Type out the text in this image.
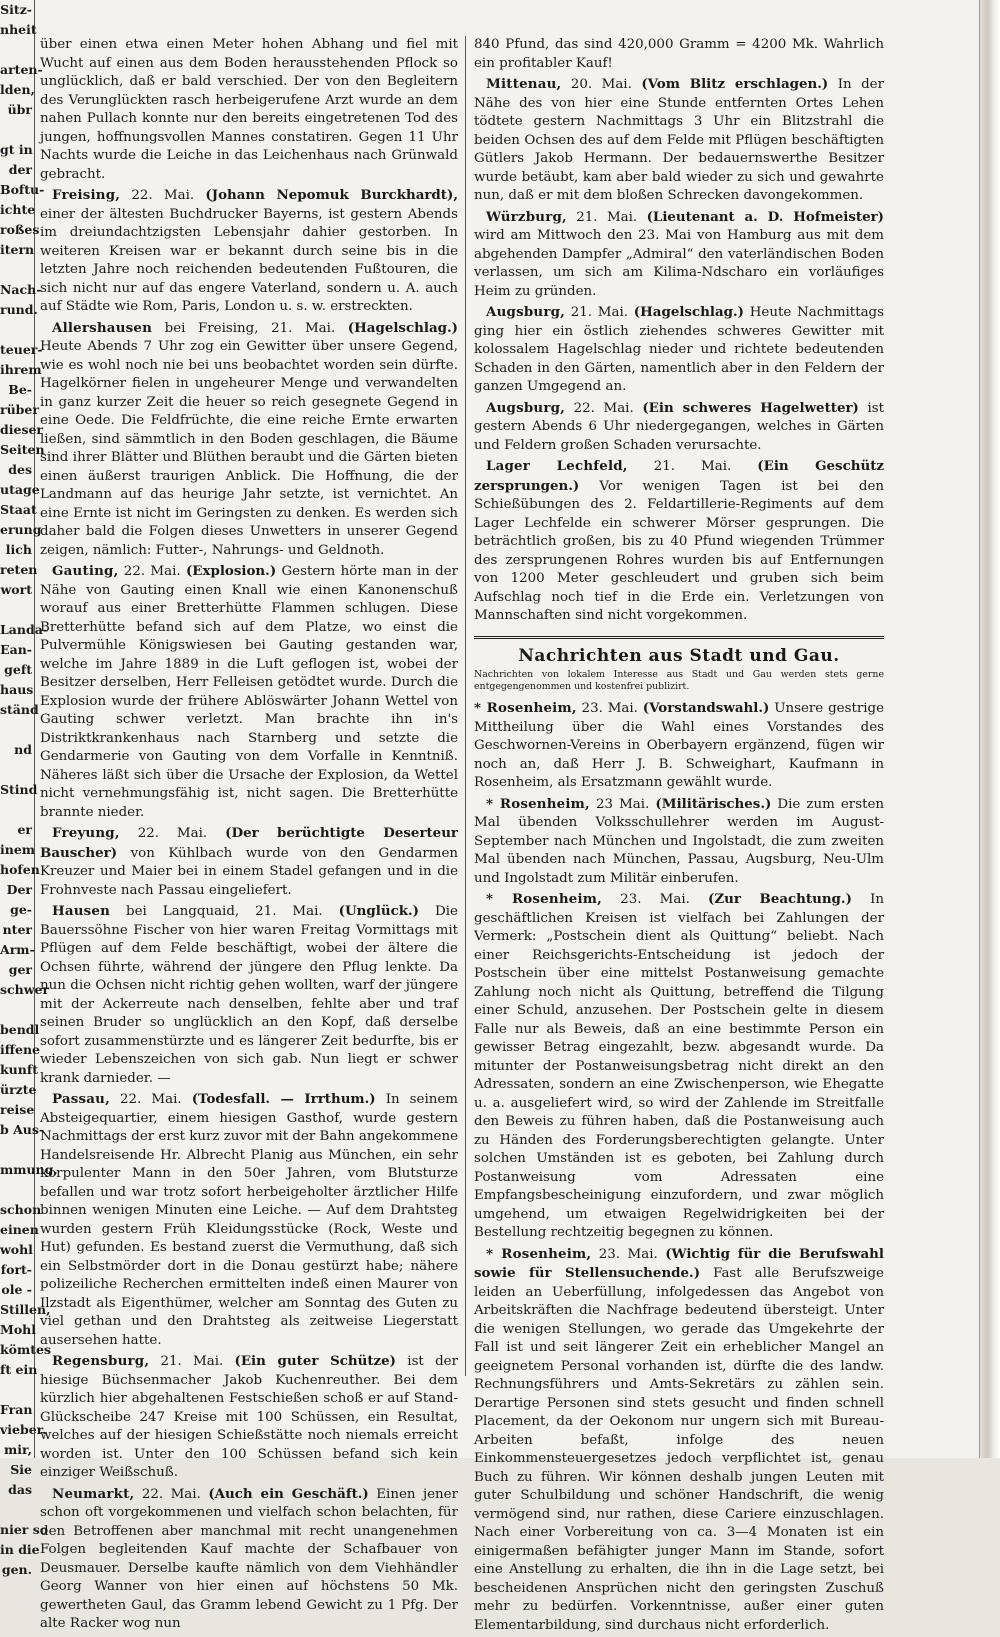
Sitz-
nheit

arten-
lden,
übr

gt in
der
Boftu-
ichte
roßes
itern

Nach-
rund.

teuer-
ihrem
Be-
rüber
dieser
Seiten
des
utage
Staat
erung
lich
reten
wort

Landa-
Ean-
geft
haus
ständ

nd

Stind

er
inem
hofen
Der
ge-
nter
Arm-
ger
schwer

bendl
iffene
kunft
ürzte
reise
b Aus-

mmung,

schon
einen
wohl
fort-
ole -
Stillen,
Mohl
kömtes
ft ein

Fran
vieber.
mir,
Sie
das

nier so
in die
gen.

über einen etwa einen Meter hohen Abhang und fiel mit Wucht auf einen aus dem Boden herausstehenden Pflock so unglücklich, daß er bald verschied. Der von den Begleitern des Verunglückten rasch herbeigerufene Arzt wurde an dem nahen Pullach konnte nur den bereits eingetretenen Tod des jungen, hoffnungsvollen Mannes constatiren. Gegen 11 Uhr Nachts wurde die Leiche in das Leichenhaus nach Grünwald gebracht.

Freising, 22. Mai. (Johann Nepomuk Burckhardt), einer der ältesten Buchdrucker Bayerns, ist gestern Abends im dreiundachtzigsten Lebensjahr dahier gestorben. In weiteren Kreisen war er bekannt durch seine bis in die letzten Jahre noch reichenden bedeutenden Fußtouren, die sich nicht nur auf das engere Vaterland, sondern u. A. auch auf Städte wie Rom, Paris, London u. s. w. erstreckten.

Allershausen bei Freising, 21. Mai. (Hagelschlag.) Heute Abends 7 Uhr zog ein Gewitter über unsere Gegend, wie es wohl noch nie bei uns beobachtet worden sein dürfte. Hagelkörner fielen in ungeheurer Menge und verwandelten in ganz kurzer Zeit die heuer so reich gesegnete Gegend in eine Oede. Die Feldfrüchte, die eine reiche Ernte erwarten ließen, sind sämmtlich in den Boden geschlagen, die Bäume sind ihrer Blätter und Blüthen beraubt und die Gärten bieten einen äußerst traurigen Anblick. Die Hoffnung, die der Landmann auf das heurige Jahr setzte, ist vernichtet. An eine Ernte ist nicht im Geringsten zu denken. Es werden sich daher bald die Folgen dieses Unwetters in unserer Gegend zeigen, nämlich: Futter-, Nahrungs- und Geldnoth.

Gauting, 22. Mai. (Explosion.) Gestern hörte man in der Nähe von Gauting einen Knall wie einen Kanonenschuß worauf aus einer Bretterhütte Flammen schlugen. Diese Bretterhütte befand sich auf dem Platze, wo einst die Pulvermühle Königswiesen bei Gauting gestanden war, welche im Jahre 1889 in die Luft geflogen ist, wobei der Besitzer derselben, Herr Felleisen getödtet wurde. Durch die Explosion wurde der frühere Ablöswärter Johann Wettel von Gauting schwer verletzt. Man brachte ihn in's Distriktkrankenhaus nach Starnberg und setzte die Gendarmerie von Gauting von dem Vorfalle in Kenntniß. Näheres läßt sich über die Ursache der Explosion, da Wettel nicht vernehmungsfähig ist, nicht sagen. Die Bretterhütte brannte nieder.

Freyung, 22. Mai. (Der berüchtigte Deserteur Bauscher) von Kühlbach wurde von den Gendarmen Kreuzer und Maier bei in einem Stadel gefangen und in die Frohnveste nach Passau eingeliefert.

Hausen bei Langquaid, 21. Mai. (Unglück.) Die Bauerssöhne Fischer von hier waren Freitag Vormittags mit Pflügen auf dem Felde beschäftigt, wobei der ältere die Ochsen führte, während der jüngere den Pflug lenkte. Da nun die Ochsen nicht richtig gehen wollten, warf der jüngere mit der Ackerreute nach denselben, fehlte aber und traf seinen Bruder so unglücklich an den Kopf, daß derselbe sofort zusammenstürzte und es längerer Zeit bedurfte, bis er wieder Lebenszeichen von sich gab. Nun liegt er schwer krank darnieder. —

Passau, 22. Mai. (Todesfall. — Irrthum.) In seinem Absteigequartier, einem hiesigen Gasthof, wurde gestern Nachmittags der erst kurz zuvor mit der Bahn angekommene Handelsreisende Hr. Albrecht Planig aus München, ein sehr korpulenter Mann in den 50er Jahren, vom Blutsturze befallen und war trotz sofort herbeigeholter ärztlicher Hilfe binnen wenigen Minuten eine Leiche. — Auf dem Drahtsteg wurden gestern Früh Kleidungsstücke (Rock, Weste und Hut) gefunden. Es bestand zuerst die Vermuthung, daß sich ein Selbstmörder dort in die Donau gestürzt habe; nähere polizeiliche Recherchen ermittelten indeß einen Maurer von Ilzstadt als Eigenthümer, welcher am Sonntag des Guten zu viel gethan und den Drahtsteg als zeitweise Liegerstatt ausersehen hatte.

Regensburg, 21. Mai. (Ein guter Schütze) ist der hiesige Büchsenmacher Jakob Kuchenreuther. Bei dem kürzlich hier abgehaltenen Festschießen schoß er auf Stand-Glückscheibe 247 Kreise mit 100 Schüssen, ein Resultat, welches auf der hiesigen Schießstätte noch niemals erreicht worden ist. Unter den 100 Schüssen befand sich kein einziger Weißschuß.

Neumarkt, 22. Mai. (Auch ein Geschäft.) Einen jener schon oft vorgekommenen und vielfach schon belachten, für den Betroffenen aber manchmal mit recht unangenehmen Folgen begleitenden Kauf machte der Schafbauer von Deusmauer. Derselbe kaufte nämlich von dem Viehhändler Georg Wanner von hier einen auf höchstens 50 Mk. gewertheten Gaul, das Gramm lebend Gewicht zu 1 Pfg. Der alte Racker wog nun

840 Pfund, das sind 420,000 Gramm = 4200 Mk. Wahrlich ein profitabler Kauf!

Mittenau, 20. Mai. (Vom Blitz erschlagen.) In der Nähe des von hier eine Stunde entfernten Ortes Lehen tödtete gestern Nachmittags 3 Uhr ein Blitzstrahl die beiden Ochsen des auf dem Felde mit Pflügen beschäftigten Gütlers Jakob Hermann. Der bedauernswerthe Besitzer wurde betäubt, kam aber bald wieder zu sich und gewahrte nun, daß er mit dem bloßen Schrecken davongekommen.

Würzburg, 21. Mai. (Lieutenant a. D. Hofmeister) wird am Mittwoch den 23. Mai von Hamburg aus mit dem abgehenden Dampfer „Admiral“ den vaterländischen Boden verlassen, um sich am Kilima-Ndscharo ein vorläufiges Heim zu gründen.

Augsburg, 21. Mai. (Hagelschlag.) Heute Nachmittags ging hier ein östlich ziehendes schweres Gewitter mit kolossalem Hagelschlag nieder und richtete bedeutenden Schaden in den Gärten, namentlich aber in den Feldern der ganzen Umgegend an.

Augsburg, 22. Mai. (Ein schweres Hagelwetter) ist gestern Abends 6 Uhr niedergegangen, welches in Gärten und Feldern großen Schaden verursachte.

Lager Lechfeld, 21. Mai. (Ein Geschütz zersprungen.) Vor wenigen Tagen ist bei den Schießübungen des 2. Feldartillerie-Regiments auf dem Lager Lechfelde ein schwerer Mörser gesprungen. Die beträchtlich großen, bis zu 40 Pfund wiegenden Trümmer des zersprungenen Rohres wurden bis auf Entfernungen von 1200 Meter geschleudert und gruben sich beim Aufschlag noch tief in die Erde ein. Verletzungen von Mannschaften sind nicht vorgekommen.

Nachrichten aus Stadt und Gau.
Nachrichten von lokalem Interesse aus Stadt und Gau werden stets gerne entgegengenommen und kostenfrei publizirt.

* Rosenheim, 23. Mai. (Vorstandswahl.) Unsere gestrige Mittheilung über die Wahl eines Vorstandes des Geschwornen-Vereins in Oberbayern ergänzend, fügen wir noch an, daß Herr J. B. Schweighart, Kaufmann in Rosenheim, als Ersatzmann gewählt wurde.

* Rosenheim, 23 Mai. (Militärisches.) Die zum ersten Mal übenden Volksschullehrer werden im August-September nach München und Ingolstadt, die zum zweiten Mal übenden nach München, Passau, Augsburg, Neu-Ulm und Ingolstadt zum Militär einberufen.

* Rosenheim, 23. Mai. (Zur Beachtung.) In geschäftlichen Kreisen ist vielfach bei Zahlungen der Vermerk: „Postschein dient als Quittung“ beliebt. Nach einer Reichsgerichts-Entscheidung ist jedoch der Postschein über eine mittelst Postanweisung gemachte Zahlung noch nicht als Quittung, betreffend die Tilgung einer Schuld, anzusehen. Der Postschein gelte in diesem Falle nur als Beweis, daß an eine bestimmte Person ein gewisser Betrag eingezahlt, bezw. abgesandt wurde. Da mitunter der Postanweisungsbetrag nicht direkt an den Adressaten, sondern an eine Zwischenperson, wie Ehegatte u. a. ausgeliefert wird, so wird der Zahlende im Streitfalle den Beweis zu führen haben, daß die Postanweisung auch zu Händen des Forderungsberechtigten gelangte. Unter solchen Umständen ist es geboten, bei Zahlung durch Postanweisung vom Adressaten eine Empfangsbescheinigung einzufordern, und zwar möglich umgehend, um etwaigen Regelwidrigkeiten bei der Bestellung rechtzeitig begegnen zu können.

* Rosenheim, 23. Mai. (Wichtig für die Berufswahl sowie für Stellensuchende.) Fast alle Berufszweige leiden an Ueberfüllung, infolgedessen das Angebot von Arbeitskräften die Nachfrage bedeutend übersteigt. Unter die wenigen Stellungen, wo gerade das Umgekehrte der Fall ist und seit längerer Zeit ein erheblicher Mangel an geeignetem Personal vorhanden ist, dürfte die des landw. Rechnungsführers und Amts-Sekretärs zu zählen sein. Derartige Personen sind stets gesucht und finden schnell Placement, da der Oekonom nur ungern sich mit Bureau-Arbeiten befaßt, infolge des neuen Einkommensteuergesetzes jedoch verpflichtet ist, genau Buch zu führen. Wir können deshalb jungen Leuten mit guter Schulbildung und schöner Handschrift, die wenig vermögend sind, nur rathen, diese Cariere einzuschlagen. Nach einer Vorbereitung von ca. 3—4 Monaten ist ein einigermaßen befähigter junger Mann im Stande, sofort eine Anstellung zu erhalten, die ihn in die Lage setzt, bei bescheidenen Ansprüchen nicht den geringsten Zuschuß mehr zu bedürfen. Vorkenntnisse, außer einer guten Elementarbildung, sind durchaus nicht erforderlich.
